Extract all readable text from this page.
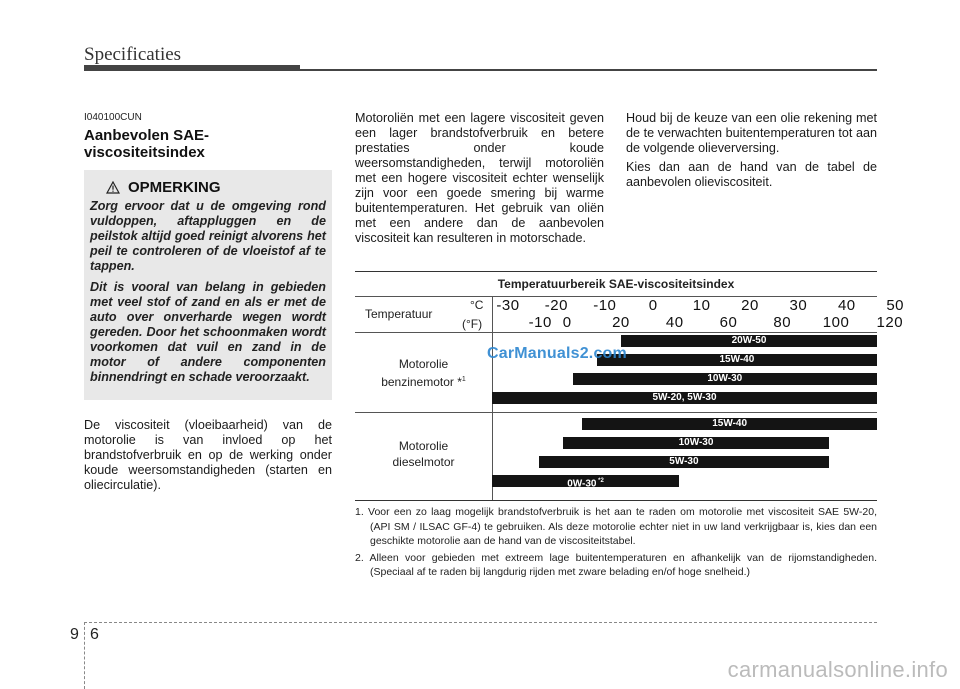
Specificaties
I040100CUN
Aanbevolen SAE-viscositeitsindex
OPMERKING

Zorg ervoor dat u de omgeving rond vuldoppen, aftappluggen en de peilstok altijd goed reinigt alvorens het peil te controleren of de vloeistof af te tappen.

Dit is vooral van belang in gebieden met veel stof of zand en als er met de auto over onverharde wegen wordt gereden. Door het schoonmaken wordt voorkomen dat vuil en zand in de motor of andere componenten binnendringt en schade veroorzaakt.

De viscositeit (vloeibaarheid) van de motorolie is van invloed op het brandstofverbruik en op de werking onder koude weersomstandigheden (starten en oliecirculatie).

Motoroliën met een lagere viscositeit geven een lager brandstofverbruik en betere prestaties onder koude weersomstandigheden, terwijl motoroliën met een hogere viscositeit echter wenselijk zijn voor een goede smering bij warme buitentemperaturen. Het gebruik van oliën met een andere dan de aanbevolen viscositeit kan resulteren in motorschade.

Houd bij de keuze van een olie rekening met de te verwachten buitentemperaturen tot aan de volgende olieverversing.

Kies dan aan de hand van de tabel de aanbevolen olieviscositeit.

Temperatuurbereik SAE-viscositeitsindex
Temperatuur
°C
(°F)
-30 -20 -10 0 10 20 30 40 50
-10 0	20 40 60 80 100 120
Motorolie
benzinemotor *$^1$
Motorolie
dieselmotor
20W-50
15W-40
10W-30
5W-20, 5W-30
15W-40
10W-30
5W-30
0W-30 $^{*2}$
CarManuals2.com

1. Voor een zo laag mogelijk brandstofverbruik is het aan te raden om motorolie met viscositeit SAE 5W-20, (API SM / ILSAC GF-4) te gebruiken. Als deze motorolie echter niet in uw land verkrijgbaar is, kies dan een geschikte motorolie aan de hand van de viscositeitstabel.

2. Alleen voor gebieden met extreem lage buitentemperaturen en afhankelijk van de rijomstandigheden.(Speciaal af te raden bij langdurig rijden met zware belading en/of hoge snelheid.)

9 6
carmanualsonline.info
